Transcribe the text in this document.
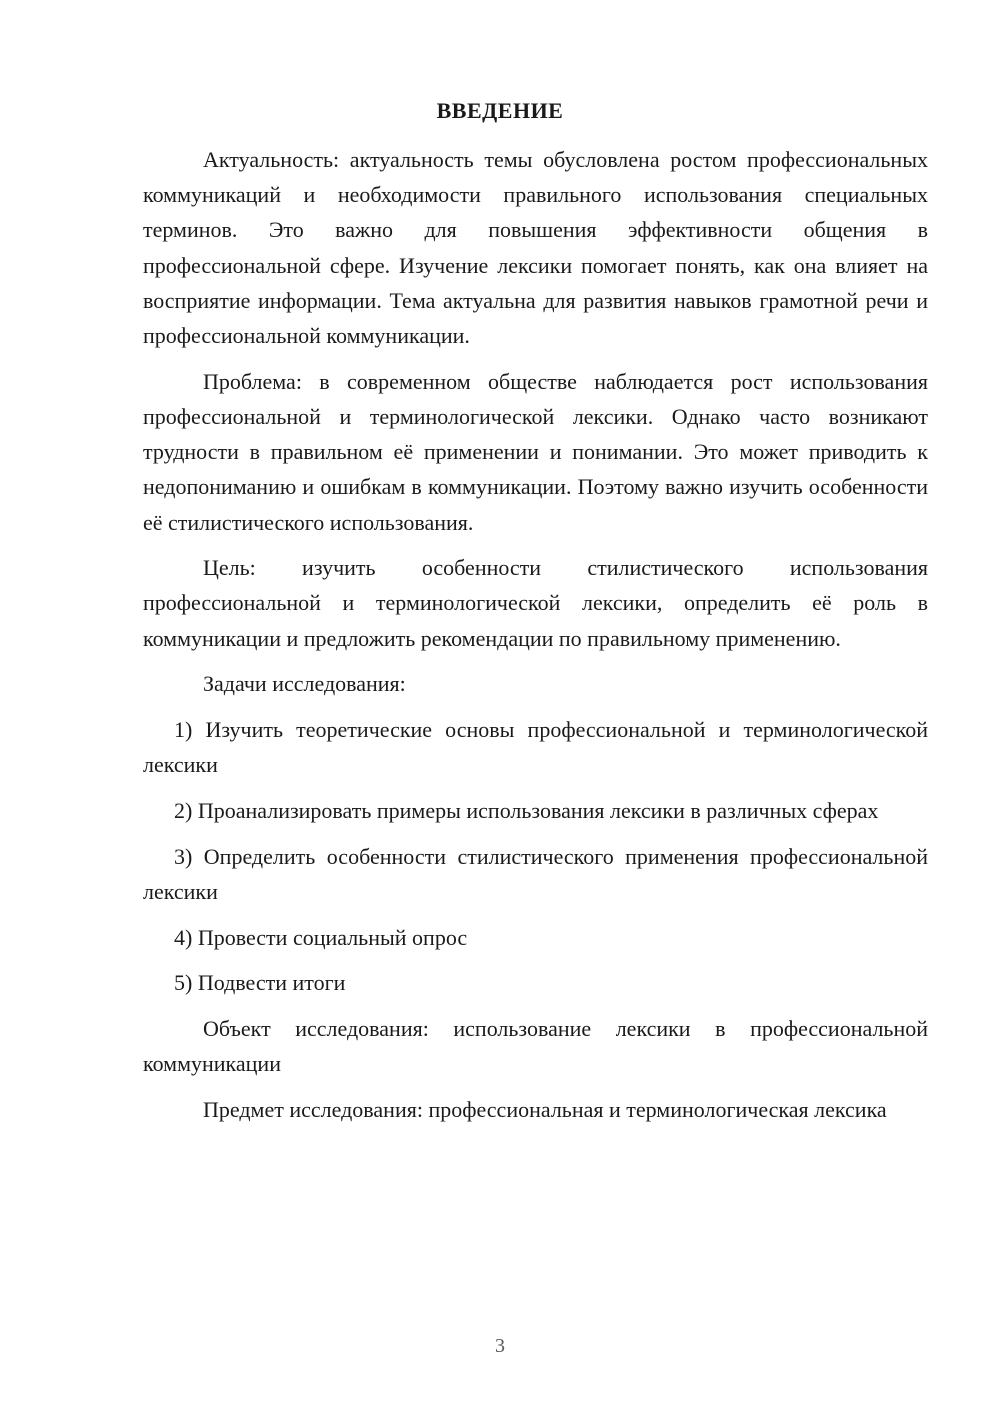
ВВЕДЕНИЕ

Актуальность: актуальность темы обусловлена ростом профессиональных коммуникаций и необходимости правильного использования специальных терминов. Это важно для повышения эффективности общения в профессиональной сфере. Изучение лексики помогает понять, как она влияет на восприятие информации. Тема актуальна для развития навыков грамотной речи и профессиональной коммуникации.

Проблема: в современном обществе наблюдается рост использования профессиональной и терминологической лексики. Однако часто возникают трудности в правильном её применении и понимании. Это может приводить к недопониманию и ошибкам в коммуникации. Поэтому важно изучить особенности её стилистического использования.

Цель: изучить особенности стилистического использования профессиональной и терминологической лексики, определить её роль в коммуникации и предложить рекомендации по правильному применению.

Задачи исследования:

1) Изучить теоретические основы профессиональной и терминологической лексики

2) Проанализировать примеры использования лексики в различных сферах

3) Определить особенности стилистического применения профессиональной лексики

4) Провести социальный опрос

5) Подвести итоги

Объект исследования: использование лексики в профессиональной коммуникации

Предмет исследования: профессиональная и терминологическая лексика

3
